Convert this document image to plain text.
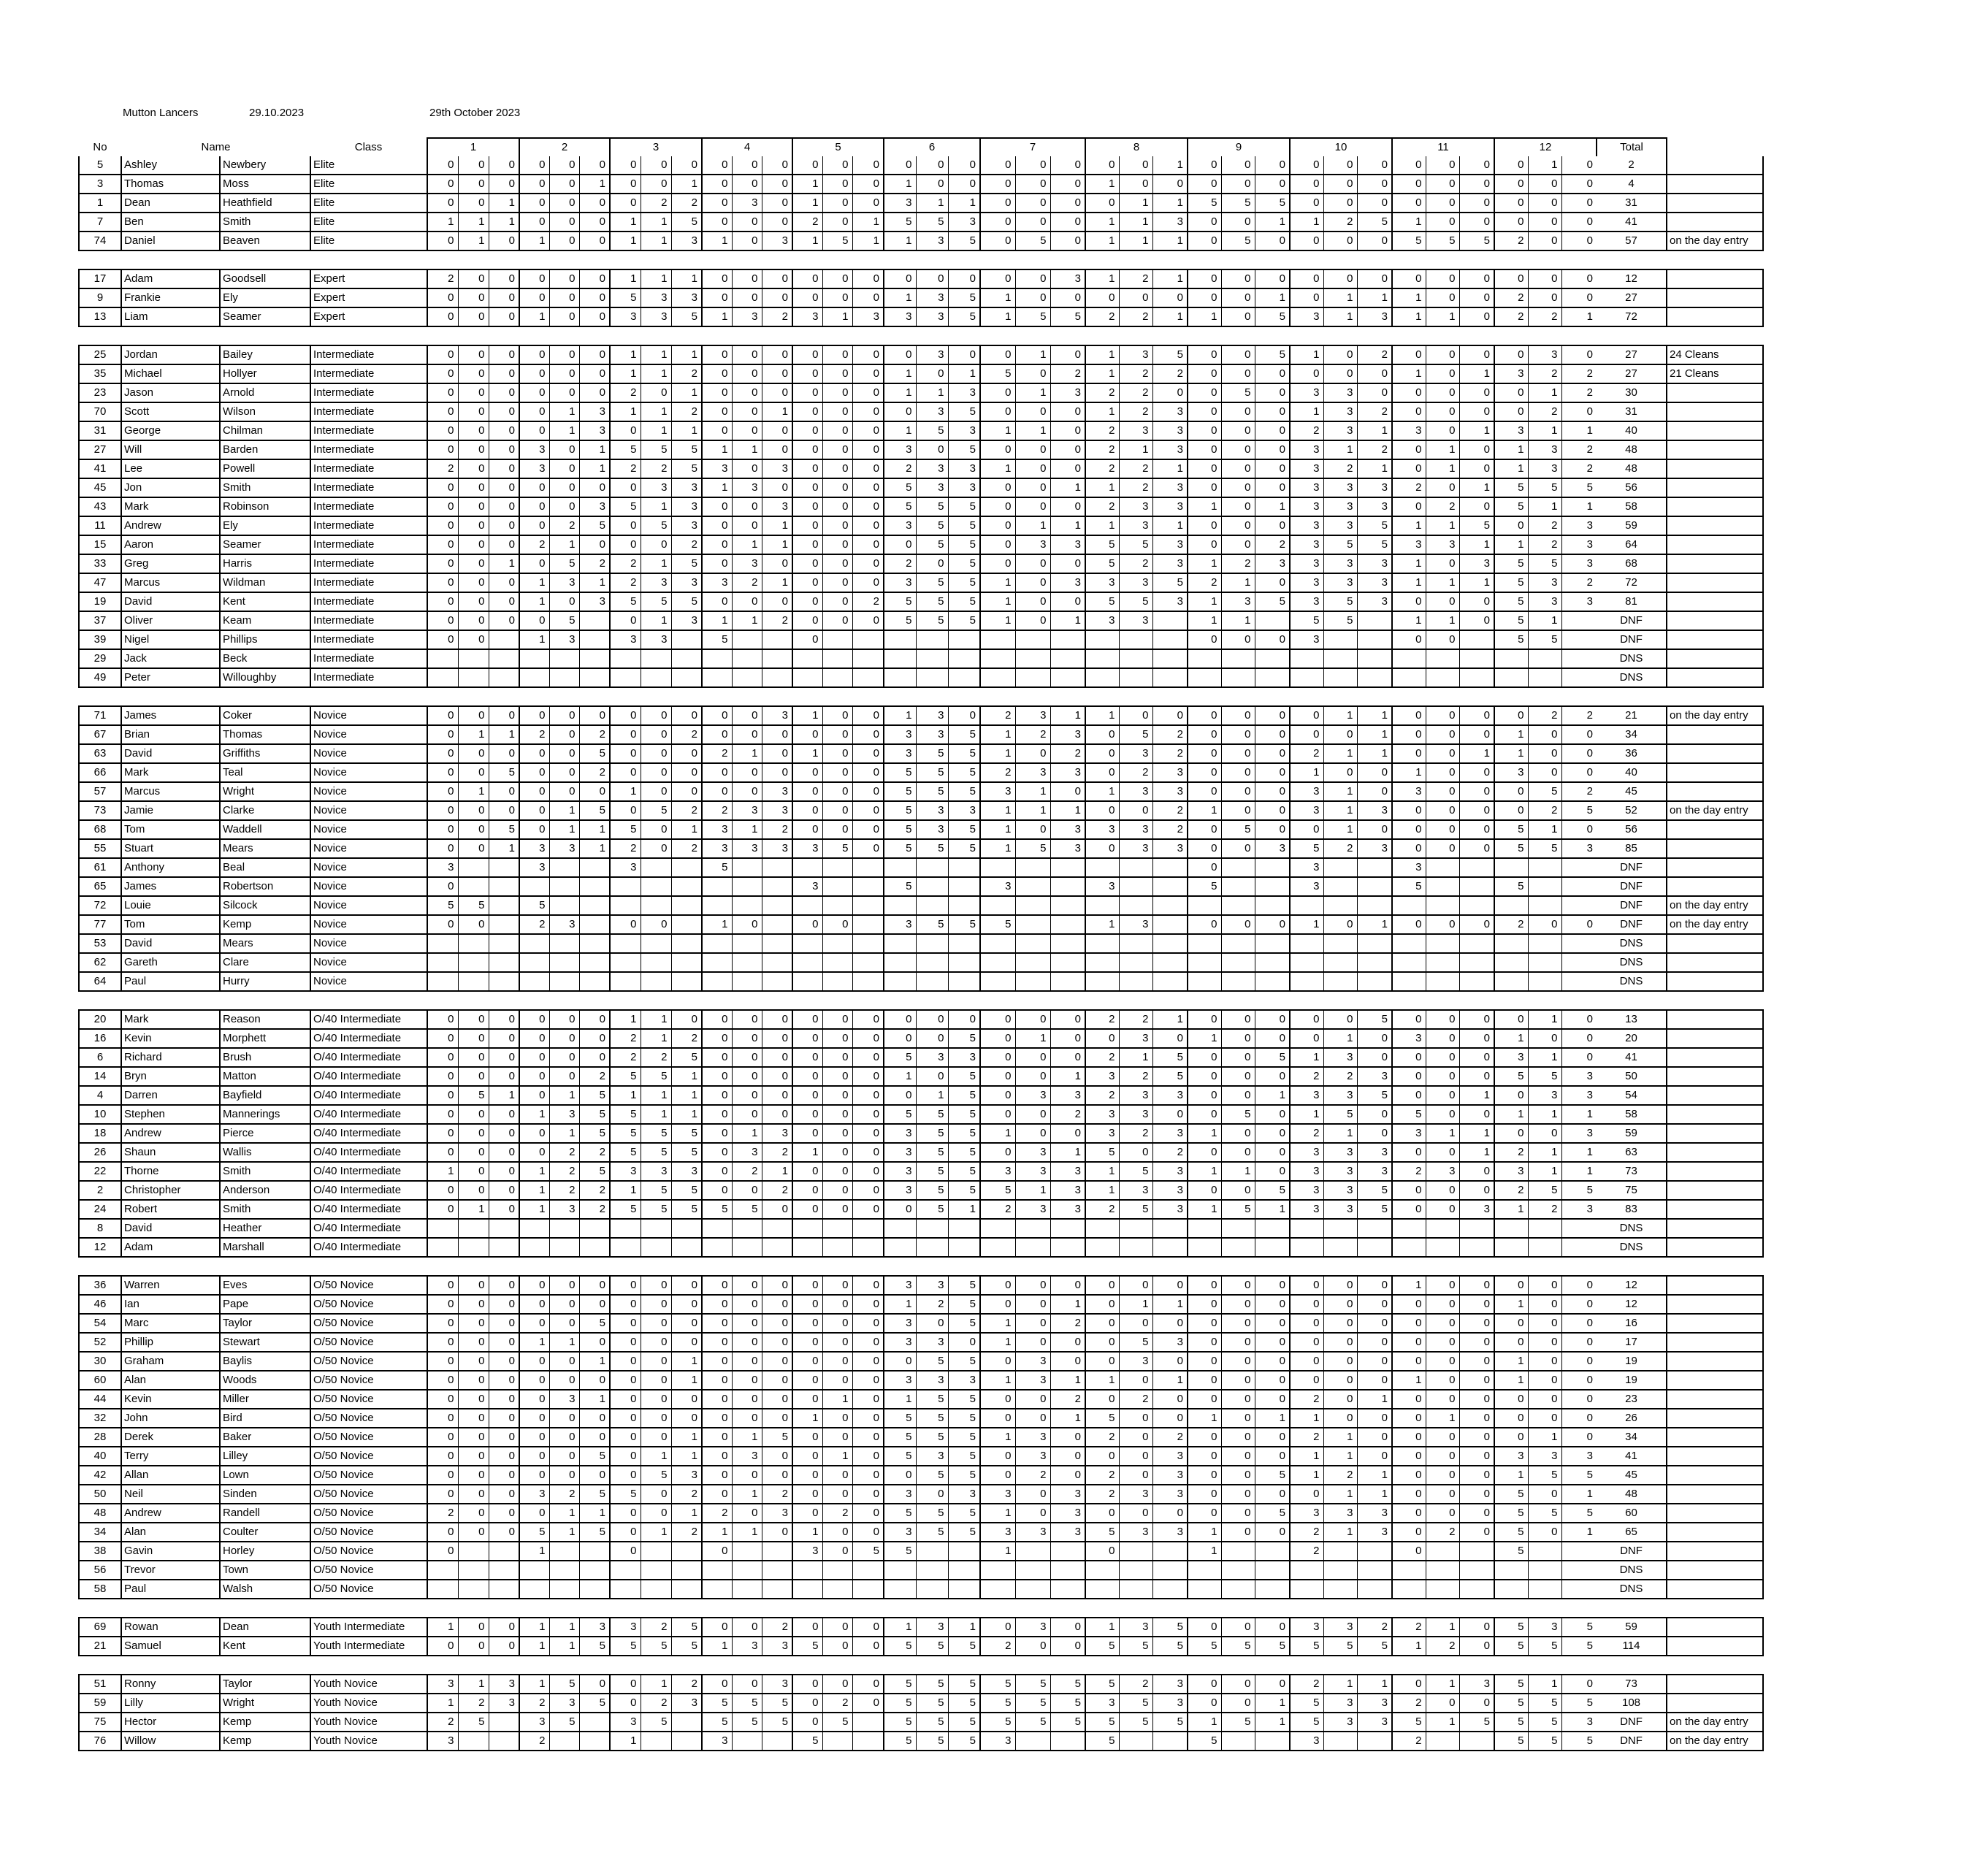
Mutton Lancers	29.10.2023	29th October 2023
No	Name		Class	1			2			3			4			5			6			7			8			9			10			11			12			Total	
5	Ashley	Newbery	Elite	0	0	0	0	0	0	0	0	0	0	0	0	0	0	0	0	0	0	0	0	0	0	0	1	0	0	0	0	0	0	0	0	0	0	1	0	2	
3	Thomas	Moss	Elite	0	0	0	0	0	1	0	0	1	0	0	0	1	0	0	1	0	0	0	0	0	1	0	0	0	0	0	0	0	0	0	0	0	0	0	0	4	
1	Dean	Heathfield	Elite	0	0	1	0	0	0	0	2	2	0	3	0	1	0	0	3	1	1	0	0	0	0	1	1	5	5	5	0	0	0	0	0	0	0	0	0	31	
7	Ben	Smith	Elite	1	1	1	0	0	0	1	1	5	0	0	0	2	0	1	5	5	3	0	0	0	1	1	3	0	0	1	1	2	5	1	0	0	0	0	0	41	
74	Daniel	Beaven	Elite	0	1	0	1	0	0	1	1	3	1	0	3	1	5	1	1	3	5	0	5	0	1	1	1	0	5	0	0	0	0	5	5	5	2	0	0	57	on the day entry

17	Adam	Goodsell	Expert	2	0	0	0	0	0	1	1	1	0	0	0	0	0	0	0	0	0	0	0	3	1	2	1	0	0	0	0	0	0	0	0	0	0	0	0	12	
9	Frankie	Ely	Expert	0	0	0	0	0	0	5	3	3	0	0	0	0	0	0	1	3	5	1	0	0	0	0	0	0	0	1	0	1	1	1	0	0	2	0	0	27	
13	Liam	Seamer	Expert	0	0	0	1	0	0	3	3	5	1	3	2	3	1	3	3	3	5	1	5	5	2	2	1	1	0	5	3	1	3	1	1	0	2	2	1	72	

25	Jordan	Bailey	Intermediate	0	0	0	0	0	0	1	1	1	0	0	0	0	0	0	0	3	0	0	1	0	1	3	5	0	0	5	1	0	2	0	0	0	0	3	0	27	24 Cleans
35	Michael	Hollyer	Intermediate	0	0	0	0	0	0	1	1	2	0	0	0	0	0	0	1	0	1	5	0	2	1	2	2	0	0	0	0	0	0	1	0	1	3	2	2	27	21 Cleans
23	Jason	Arnold	Intermediate	0	0	0	0	0	0	2	0	1	0	0	0	0	0	0	1	1	3	0	1	3	2	2	0	0	5	0	3	3	0	0	0	0	0	1	2	30	
70	Scott	Wilson	Intermediate	0	0	0	0	1	3	1	1	2	0	0	1	0	0	0	0	3	5	0	0	0	1	2	3	0	0	0	1	3	2	0	0	0	0	2	0	31	
31	George	Chilman	Intermediate	0	0	0	0	1	3	0	1	1	0	0	0	0	0	0	1	5	3	1	1	0	2	3	3	0	0	0	2	3	1	3	0	1	3	1	1	40	
27	Will	Barden	Intermediate	0	0	0	3	0	1	5	5	5	1	1	0	0	0	0	3	0	5	0	0	0	2	1	3	0	0	0	3	1	2	0	1	0	1	3	2	48	
41	Lee	Powell	Intermediate	2	0	0	3	0	1	2	2	5	3	0	3	0	0	0	2	3	3	1	0	0	2	2	1	0	0	0	3	2	1	0	1	0	1	3	2	48	
45	Jon	Smith	Intermediate	0	0	0	0	0	0	0	3	3	1	3	0	0	0	0	5	3	3	0	0	1	1	2	3	0	0	0	3	3	3	2	0	1	5	5	5	56	
43	Mark	Robinson	Intermediate	0	0	0	0	0	3	5	1	3	0	0	3	0	0	0	5	5	5	0	0	0	2	3	3	1	0	1	3	3	3	0	2	0	5	1	1	58	
11	Andrew	Ely	Intermediate	0	0	0	0	2	5	0	5	3	0	0	1	0	0	0	3	5	5	0	1	1	1	3	1	0	0	0	3	3	5	1	1	5	0	2	3	59	
15	Aaron	Seamer	Intermediate	0	0	0	2	1	0	0	0	2	0	1	1	0	0	0	0	5	5	0	3	3	5	5	3	0	0	2	3	5	5	3	3	1	1	2	3	64	
33	Greg	Harris	Intermediate	0	0	1	0	5	2	2	1	5	0	3	0	0	0	0	2	0	5	0	0	0	5	2	3	1	2	3	3	3	3	1	0	3	5	5	3	68	
47	Marcus	Wildman	Intermediate	0	0	0	1	3	1	2	3	3	3	2	1	0	0	0	3	5	5	1	0	3	3	3	5	2	1	0	3	3	3	1	1	1	5	3	2	72	
19	David	Kent	Intermediate	0	0	0	1	0	3	5	5	5	0	0	0	0	0	2	5	5	5	1	0	0	5	5	3	1	3	5	3	5	3	0	0	0	5	3	3	81	
37	Oliver	Keam	Intermediate	0	0	0	0	5		0	1	3	1	1	2	0	0	0	5	5	5	1	0	1	3	3		1	1		5	5		1	1	0	5	1		DNF	
39	Nigel	Phillips	Intermediate	0	0		1	3		3	3		5			0												0	0	0	3			0	0		5	5		DNF	
29	Jack	Beck	Intermediate																																					DNS	
49	Peter	Willoughby	Intermediate																																					DNS	

71	James	Coker	Novice	0	0	0	0	0	0	0	0	0	0	0	3	1	0	0	1	3	0	2	3	1	1	0	0	0	0	0	0	1	1	0	0	0	0	2	2	21	on the day entry
67	Brian	Thomas	Novice	0	1	1	2	0	2	0	0	2	0	0	0	0	0	0	3	3	5	1	2	3	0	5	2	0	0	0	0	0	1	0	0	0	1	0	0	34	
63	David	Griffiths	Novice	0	0	0	0	0	5	0	0	0	2	1	0	1	0	0	3	5	5	1	0	2	0	3	2	0	0	0	2	1	1	0	0	1	1	0	0	36	
66	Mark	Teal	Novice	0	0	5	0	0	2	0	0	0	0	0	0	0	0	0	5	5	5	2	3	3	0	2	3	0	0	0	1	0	0	1	0	0	3	0	0	40	
57	Marcus	Wright	Novice	0	1	0	0	0	0	1	0	0	0	0	3	0	0	0	5	5	5	3	1	0	1	3	3	0	0	0	3	1	0	3	0	0	0	5	2	45	
73	Jamie	Clarke	Novice	0	0	0	0	1	5	0	5	2	2	3	3	0	0	0	5	3	3	1	1	1	0	0	2	1	0	0	3	1	3	0	0	0	0	2	5	52	on the day entry
68	Tom	Waddell	Novice	0	0	5	0	1	1	5	0	1	3	1	2	0	0	0	5	3	5	1	0	3	3	3	2	0	5	0	0	1	0	0	0	0	5	1	0	56	
55	Stuart	Mears	Novice	0	0	1	3	3	1	2	0	2	3	3	3	3	5	0	5	5	5	1	5	3	0	3	3	0	0	3	5	2	3	0	0	0	5	5	3	85	
61	Anthony	Beal	Novice	3			3			3			5															0			3			3						DNF	
65	James	Robertson	Novice	0												3			5			3			3			5			3			5			5			DNF	
72	Louie	Silcock	Novice	5	5		5																																	DNF	on the day entry
77	Tom	Kemp	Novice	0	0		2	3		0	0		1	0		0	0		3	5	5	5			1	3		0	0	0	1	0	1	0	0	0	2	0	0	DNF	on the day entry
53	David	Mears	Novice																																					DNS	
62	Gareth	Clare	Novice																																					DNS	
64	Paul	Hurry	Novice																																					DNS	

20	Mark	Reason	O/40 Intermediate	0	0	0	0	0	0	1	1	0	0	0	0	0	0	0	0	0	0	0	0	0	2	2	1	0	0	0	0	0	5	0	0	0	0	1	0	13	
16	Kevin	Morphett	O/40 Intermediate	0	0	0	0	0	0	2	1	2	0	0	0	0	0	0	0	0	5	0	1	0	0	3	0	1	0	0	0	1	0	3	0	0	1	0	0	20	
6	Richard	Brush	O/40 Intermediate	0	0	0	0	0	0	2	2	5	0	0	0	0	0	0	5	3	3	0	0	0	2	1	5	0	0	5	1	3	0	0	0	0	3	1	0	41	
14	Bryn	Matton	O/40 Intermediate	0	0	0	0	0	2	5	5	1	0	0	0	0	0	0	1	0	5	0	0	1	3	2	5	0	0	0	2	2	3	0	0	0	5	5	3	50	
4	Darren	Bayfield	O/40 Intermediate	0	5	1	0	1	5	1	1	1	0	0	0	0	0	0	0	1	5	0	3	3	2	3	3	0	0	1	3	3	5	0	0	1	0	3	3	54	
10	Stephen	Mannerings	O/40 Intermediate	0	0	0	1	3	5	5	1	1	0	0	0	0	0	0	5	5	5	0	0	2	3	3	0	0	5	0	1	5	0	5	0	0	1	1	1	58	
18	Andrew	Pierce	O/40 Intermediate	0	0	0	0	1	5	5	5	5	0	1	3	0	0	0	3	5	5	1	0	0	3	2	3	1	0	0	2	1	0	3	1	1	0	0	3	59	
26	Shaun	Wallis	O/40 Intermediate	0	0	0	0	2	2	5	5	5	0	3	2	1	0	0	3	5	5	0	3	1	5	0	2	0	0	0	3	3	3	0	0	1	2	1	1	63	
22	Thorne	Smith	O/40 Intermediate	1	0	0	1	2	5	3	3	3	0	2	1	0	0	0	3	5	5	3	3	3	1	5	3	1	1	0	3	3	3	2	3	0	3	1	1	73	
2	Christopher	Anderson	O/40 Intermediate	0	0	0	1	2	2	1	5	5	0	0	2	0	0	0	3	5	5	5	1	3	1	3	3	0	0	5	3	3	5	0	0	0	2	5	5	75	
24	Robert	Smith	O/40 Intermediate	0	1	0	1	3	2	5	5	5	5	5	0	0	0	0	0	5	1	2	3	3	2	5	3	1	5	1	3	3	5	0	0	3	1	2	3	83	
8	David	Heather	O/40 Intermediate																																					DNS	
12	Adam	Marshall	O/40 Intermediate																																					DNS	

36	Warren	Eves	O/50 Novice	0	0	0	0	0	0	0	0	0	0	0	0	0	0	0	3	3	5	0	0	0	0	0	0	0	0	0	0	0	0	1	0	0	0	0	0	12	
46	Ian	Pape	O/50 Novice	0	0	0	0	0	0	0	0	0	0	0	0	0	0	0	1	2	5	0	0	1	0	1	1	0	0	0	0	0	0	0	0	0	1	0	0	12	
54	Marc	Taylor	O/50 Novice	0	0	0	0	0	5	0	0	0	0	0	0	0	0	0	3	0	5	1	0	2	0	0	0	0	0	0	0	0	0	0	0	0	0	0	0	16	
52	Phillip	Stewart	O/50 Novice	0	0	0	1	1	0	0	0	0	0	0	0	0	0	0	3	3	0	1	0	0	0	5	3	0	0	0	0	0	0	0	0	0	0	0	0	17	
30	Graham	Baylis	O/50 Novice	0	0	0	0	0	1	0	0	1	0	0	0	0	0	0	0	5	5	0	3	0	0	3	0	0	0	0	0	0	0	0	0	0	1	0	0	19	
60	Alan	Woods	O/50 Novice	0	0	0	0	0	0	0	0	1	0	0	0	0	0	0	3	3	3	1	3	1	1	0	1	0	0	0	0	0	0	1	0	0	1	0	0	19	
44	Kevin	Miller	O/50 Novice	0	0	0	0	3	1	0	0	0	0	0	0	0	1	0	1	5	5	0	0	2	0	2	0	0	0	0	2	0	1	0	0	0	0	0	0	23	
32	John	Bird	O/50 Novice	0	0	0	0	0	0	0	0	0	0	0	0	1	0	0	5	5	5	0	0	1	5	0	0	1	0	1	1	0	0	0	1	0	0	0	0	26	
28	Derek	Baker	O/50 Novice	0	0	0	0	0	0	0	0	1	0	1	5	0	0	0	5	5	5	1	3	0	2	0	2	0	0	0	2	1	0	0	0	0	0	1	0	34	
40	Terry	Lilley	O/50 Novice	0	0	0	0	0	5	0	1	1	0	3	0	0	1	0	5	3	5	0	3	0	0	0	3	0	0	0	1	1	0	0	0	0	3	3	3	41	
42	Allan	Lown	O/50 Novice	0	0	0	0	0	0	0	5	3	0	0	0	0	0	0	0	5	5	0	2	0	2	0	3	0	0	5	1	2	1	0	0	0	1	5	5	45	
50	Neil	Sinden	O/50 Novice	0	0	0	3	2	5	5	0	2	0	1	2	0	0	0	3	0	3	3	0	3	2	3	3	0	0	0	0	1	1	0	0	0	5	0	1	48	
48	Andrew	Randell	O/50 Novice	2	0	0	0	1	1	0	0	1	2	0	3	0	2	0	5	5	5	1	0	3	0	0	0	0	0	5	3	3	3	0	0	0	5	5	5	60	
34	Alan	Coulter	O/50 Novice	0	0	0	5	1	5	0	1	2	1	1	0	1	0	0	3	5	5	3	3	3	5	3	3	1	0	0	2	1	3	0	2	0	5	0	1	65	
38	Gavin	Horley	O/50 Novice	0			1			0			0			3	0	5	5			1			0			1			2			0			5			DNF	
56	Trevor	Town	O/50 Novice																																					DNS	
58	Paul	Walsh	O/50 Novice																																					DNS	

69	Rowan	Dean	Youth Intermediate	1	0	0	1	1	3	3	2	5	0	0	2	0	0	0	1	3	1	0	3	0	1	3	5	0	0	0	3	3	2	2	1	0	5	3	5	59	
21	Samuel	Kent	Youth Intermediate	0	0	0	1	1	5	5	5	5	1	3	3	5	0	0	5	5	5	2	0	0	5	5	5	5	5	5	5	5	5	1	2	0	5	5	5	114	

51	Ronny	Taylor	Youth Novice	3	1	3	1	5	0	0	1	2	0	0	3	0	0	0	5	5	5	5	5	5	5	2	3	0	0	0	2	1	1	0	1	3	5	1	0	73	
59	Lilly	Wright	Youth Novice	1	2	3	2	3	5	0	2	3	5	5	5	0	2	0	5	5	5	5	5	5	3	5	3	0	0	1	5	3	3	2	0	0	5	5	5	108	
75	Hector	Kemp	Youth Novice	2	5		3	5		3	5		5	5	5	0	5		5	5	5	5	5	5	5	5	5	1	5	1	5	3	3	5	1	5	5	5	3	DNF	on the day entry
76	Willow	Kemp	Youth Novice	3			2			1			3			5			5	5	5	3			5			5			3			2			5	5	5	DNF	on the day entry
